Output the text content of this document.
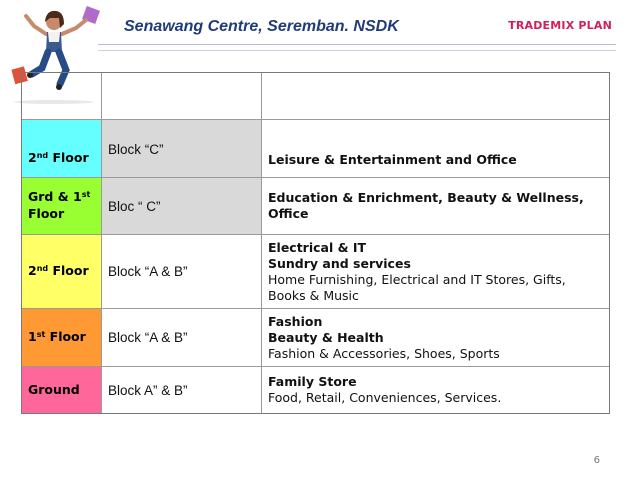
Senawang Centre, Seremban. NSDK	TRADEMIX PLAN
2nd Floor
Block “C”
Leisure & Entertainment and Office
Grd & 1st Floor	Bloc “ C”
Education & Enrichment, Beauty & Wellness, Office
2nd Floor Block “A & B”
Electrical & IT
Sundry and services
Home Furnishing, Electrical and IT Stores, Gifts, Books & Music
1st Floor Block “A & B”
Fashion
Beauty & Health
Fashion & Accessories, Shoes, Sports
Ground Block A” & B”
Family Store
Food, Retail, Conveniences, Services.
6
